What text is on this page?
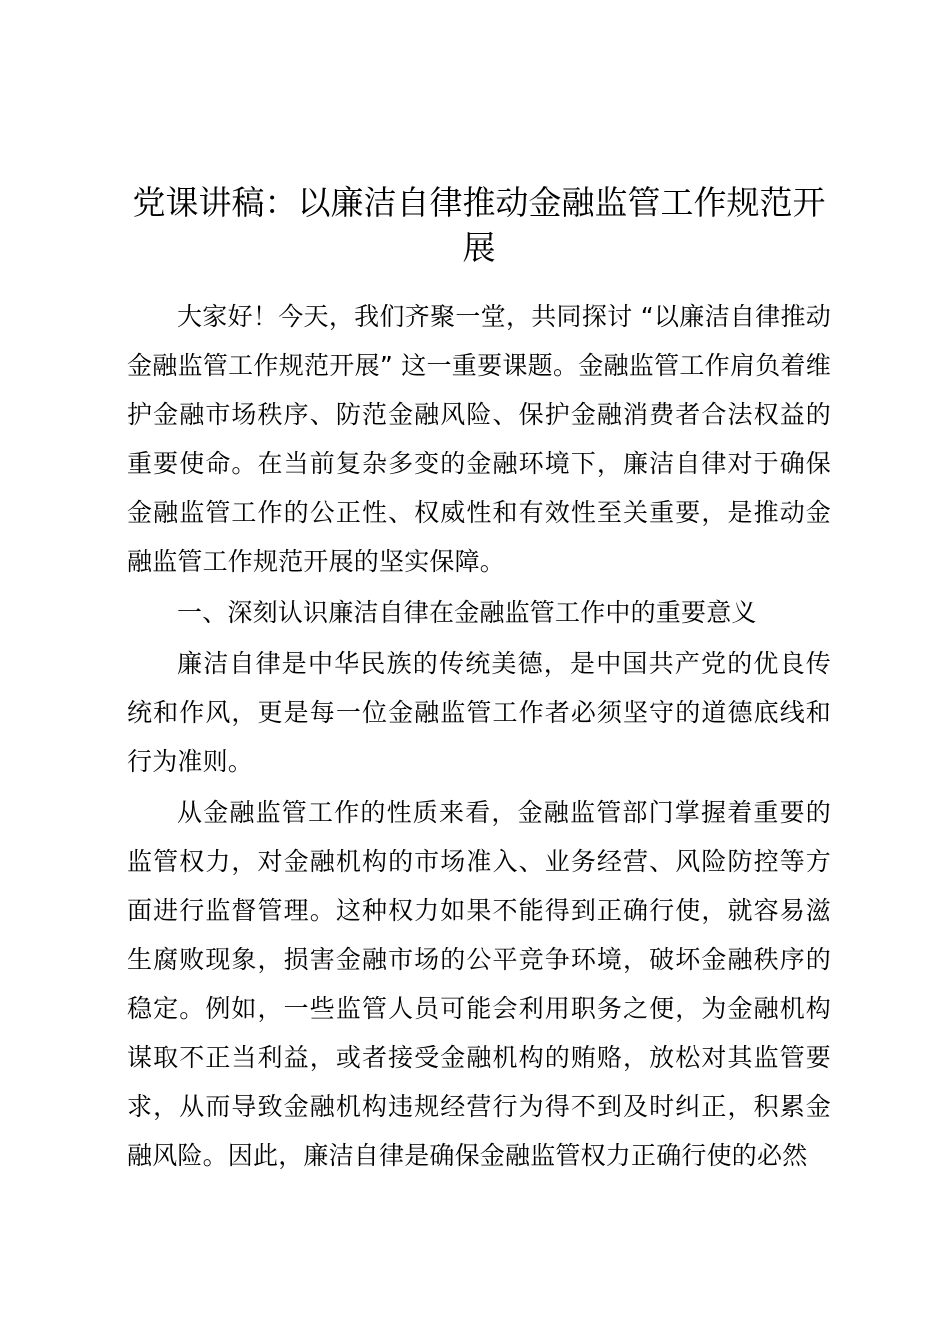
党课讲稿：以廉洁自律推动金融监管工作规范开展

大家好！今天，我们齐聚一堂，共同探讨 “以廉洁自律推动金融监管工作规范开展” 这一重要课题。金融监管工作肩负着维护金融市场秩序、防范金融风险、保护金融消费者合法权益的重要使命。在当前复杂多变的金融环境下，廉洁自律对于确保金融监管工作的公正性、权威性和有效性至关重要，是推动金融监管工作规范开展的坚实保障。

一、深刻认识廉洁自律在金融监管工作中的重要意义

廉洁自律是中华民族的传统美德，是中国共产党的优良传统和作风，更是每一位金融监管工作者必须坚守的道德底线和行为准则。

从金融监管工作的性质来看，金融监管部门掌握着重要的监管权力，对金融机构的市场准入、业务经营、风险防控等方面进行监督管理。这种权力如果不能得到正确行使，就容易滋生腐败现象，损害金融市场的公平竞争环境，破坏金融秩序的稳定。例如，一些监管人员可能会利用职务之便，为金融机构谋取不正当利益，或者接受金融机构的贿赂，放松对其监管要求，从而导致金融机构违规经营行为得不到及时纠正，积累金融风险。因此，廉洁自律是确保金融监管权力正确行使的必然
